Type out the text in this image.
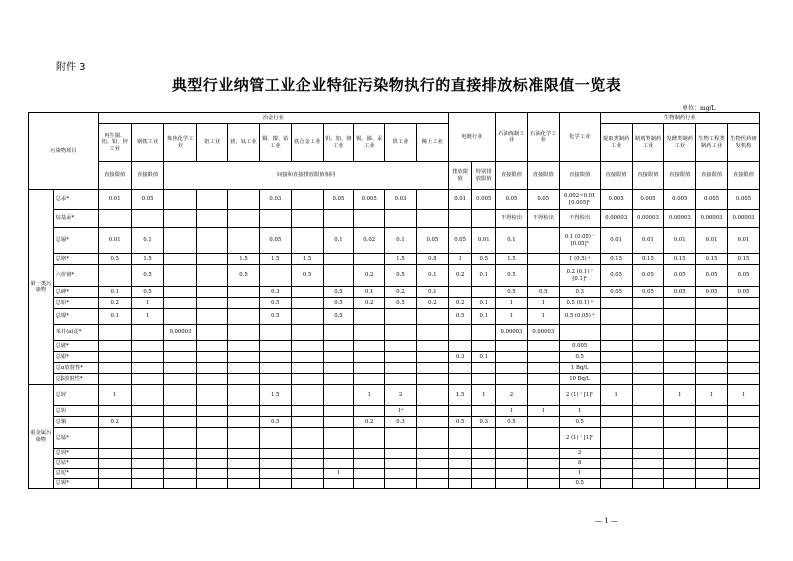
附件 3
典型行业纳管工业企业特征污染物执行的直接排放标准限值一览表
单位：mg/L
污染物项目		冶金行业											电镀行业		石油炼制工业	石油化学工业	化学工业	生物制药行业				
		再生铜、铝、铅、锌工业	钢铁工业	炼焦化学工业	铝工业	镁、钛工业	铜、镍、钴工业	铁合金工业	钒、铝、铬工业	锡、锑、汞工业	钒工业	稀土工业						提取类制药工业	制剂类制药工业	发酵类制药工业	生物工程类制药工业	生物医药研发机构
		直接限值	直接限值	间接和直接排放限值相同									排放限值	特别排放限值	直接限值	直接限值	直接限值	直接限值	直接限值	直接限值	直接限值	直接限值
第一类污染物	总汞*	0.01	0.05				0.03		0.05	0.005	0.03		0.01	0.005	0.05	0.05	0.002~0.01 [0.005]ᵇ	0.005	0.005	0.005	0.005	0.005
	烷基汞*														不得检出	不得检出	不得检出	0.00003	0.00003	0.00003	0.00003	0.00003
	总镉*	0.01	0.1				0.05		0.1	0.02	0.1	0.05	0.05	0.01	0.1		0.1 (0.05) ᶜ [0.05]ᵇ	0.01	0.01	0.01	0.01	0.01
	总铬*	0.5	1.5			1.5	1.5	1.5			1.5	0.8	1	0.5	1.5		1 (0.5) ᵃ	0.15	0.15	0.15	0.15	0.15
	六价铬*		0.5			0.5		0.5		0.2	0.5	0.1	0.2	0.1	0.5		0.2 (0.1) ᶜ [0.1]ᵇ	0.05	0.05	0.05	0.05	0.05
	总砷*	0.1	0.5				0.3		0.5	0.1	0.2	0.1			0.5	0.5	0.3	0.05	0.05	0.05	0.05	0.05
	总铅*	0.2	1				0.5		0.5	0.2	0.5	0.2	0.2	0.1	1	1	0.5 (0.1) ᵃ					
	总镍*	0.1	1				0.5		0.5				0.5	0.1	1	1	0.5 (0.05) ᵃ					
	苯并(a)芘*			0.00003											0.00003	0.00003						
	总铍*																0.005					
	总银*												0.3	0.1			0.5					
	总α放射性*																1 Bq/L					
	总β放射性*																10 Bq/L					
重金属污染物	总锌	1					1.5			1	2		1.5	1	2		2 (1) ᶜ [1]ᵇ	1		1	1	1
	总钒										1ᵃ				1	1	1					
	总铜	0.2					0.5			0.2	0.3		0.5	0.3	0.5		0.5					
	总锰*																2 (1) ᶜ [1]ᵇ					
	总钡*																2					
	总钴*																8					
	总铊*								1								1					
	总锡*																0.5					
— 1 —
